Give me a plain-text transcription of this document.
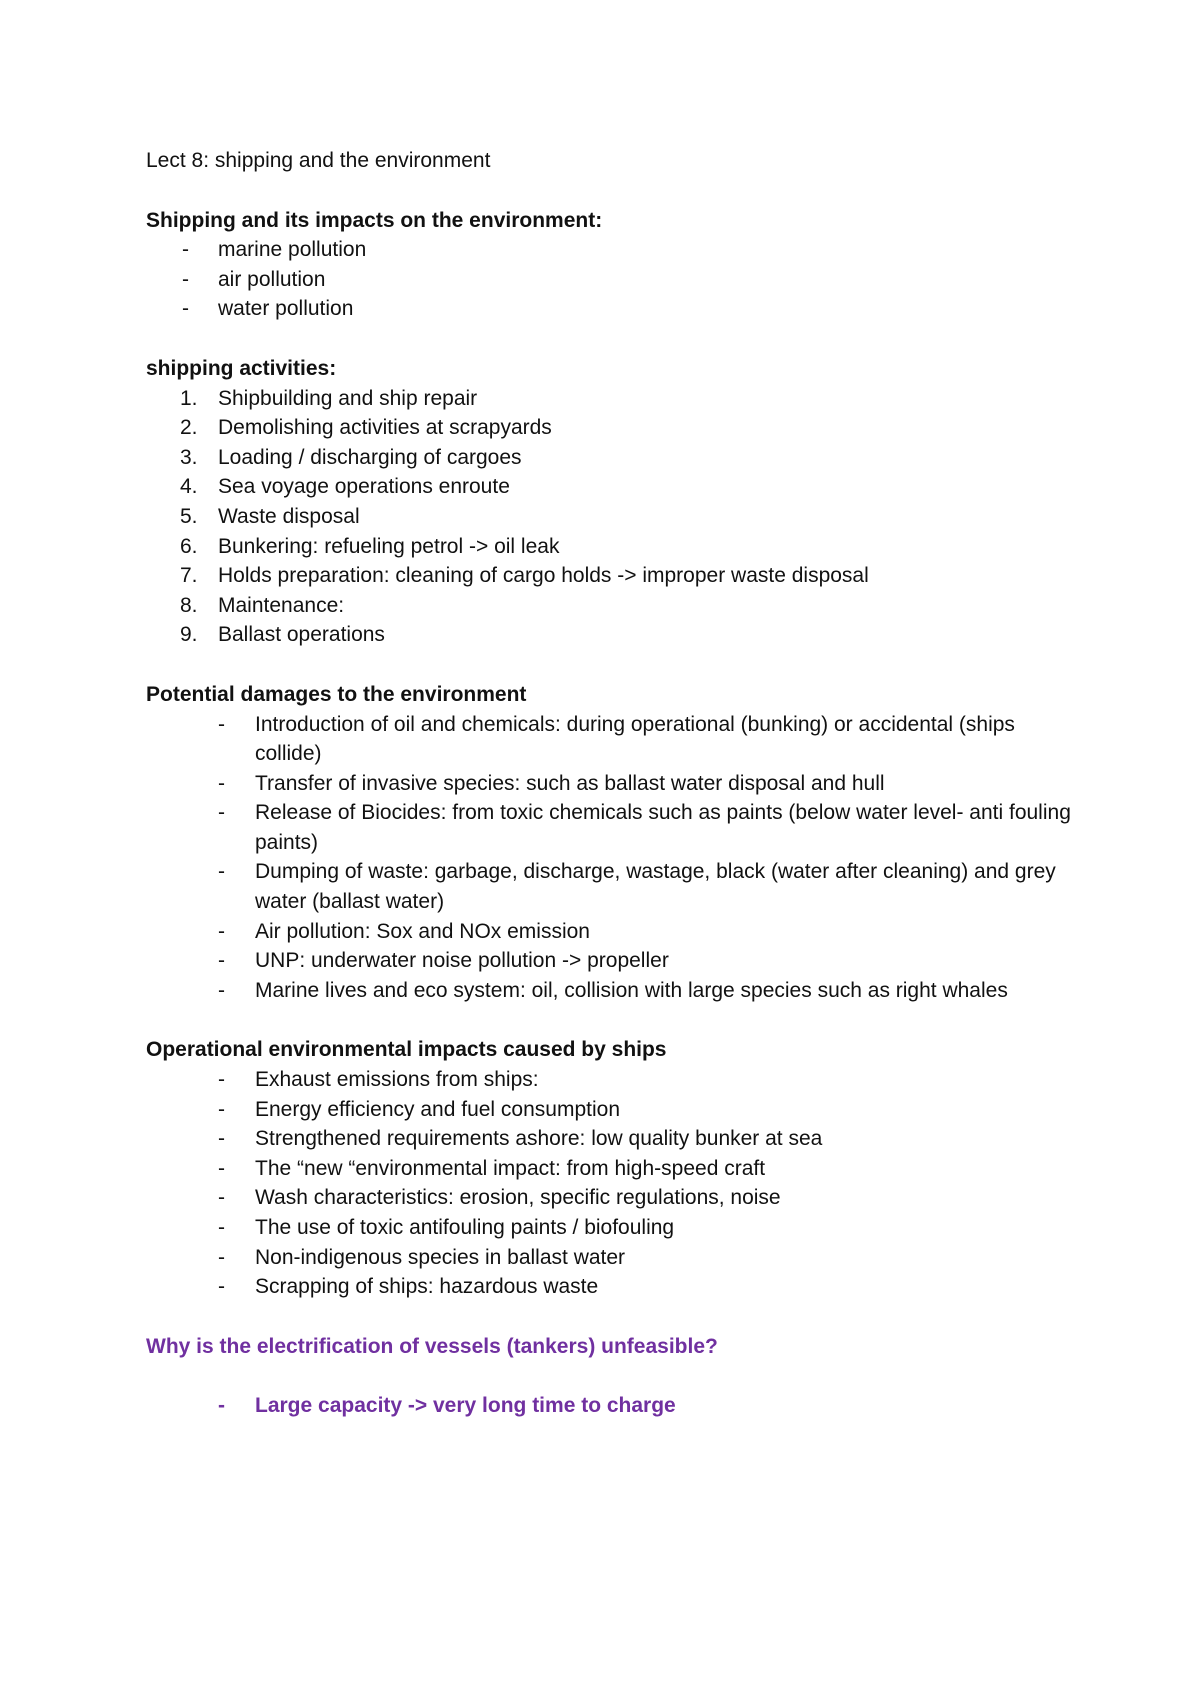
Lect 8: shipping and the environment

Shipping and its impacts on the environment:

-	marine pollution
-	air pollution
-	water pollution

shipping activities:

1. Shipbuilding and ship repair
2. Demolishing activities at scrapyards
3. Loading / discharging of cargoes
4. Sea voyage operations enroute
5. Waste disposal
6. Bunkering: refueling petrol -> oil leak
7. Holds preparation: cleaning of cargo holds -> improper waste disposal
8. Maintenance:
9. Ballast operations

Potential damages to the environment

-	Introduction of oil and chemicals: during operational (bunking) or accidental (ships collide)
-	Transfer of invasive species: such as ballast water disposal and hull
-	Release of Biocides: from toxic chemicals such as paints (below water level- anti fouling paints)
-	Dumping of waste: garbage, discharge, wastage, black (water after cleaning) and grey water (ballast water)
-	Air pollution: Sox and NOx emission
-	UNP: underwater noise pollution -> propeller
-	Marine lives and eco system: oil, collision with large species such as right whales

Operational environmental impacts caused by ships

-	Exhaust emissions from ships:
-	Energy efficiency and fuel consumption
-	Strengthened requirements ashore: low quality bunker at sea
-	The “new “environmental impact: from high-speed craft
-	Wash characteristics: erosion, specific regulations, noise
-	The use of toxic antifouling paints / biofouling
-	Non-indigenous species in ballast water
-	Scrapping of ships: hazardous waste

Why is the electrification of vessels (tankers) unfeasible?

-	Large capacity -> very long time to charge
